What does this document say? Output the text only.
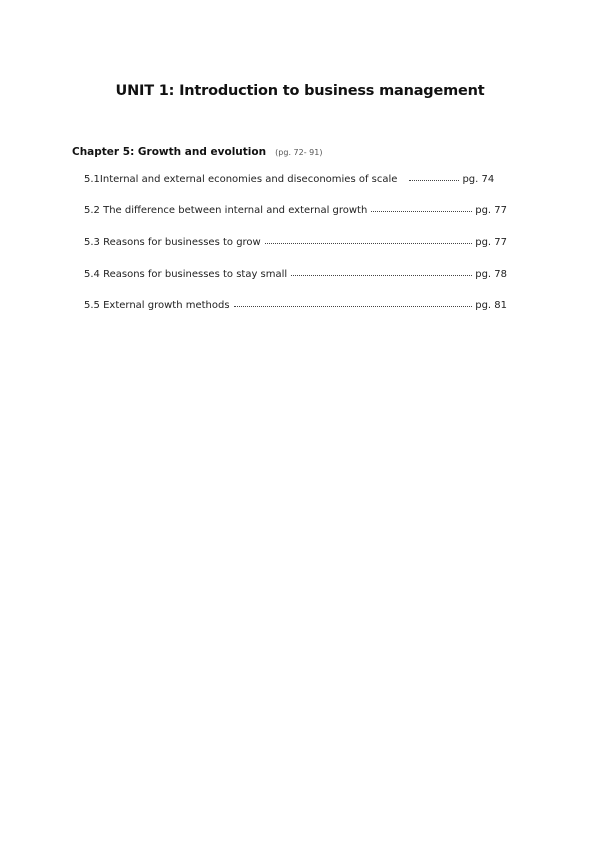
UNIT 1: Introduction to business management
Chapter 5: Growth and evolution (pg. 72- 91)
5.1Internal and external economies and diseconomies of scale	pg. 74
5.2 The difference between internal and external growth	pg. 77
5.3 Reasons for businesses to grow	pg. 77
5.4 Reasons for businesses to stay small	pg. 78
5.5 External growth methods	pg. 81
